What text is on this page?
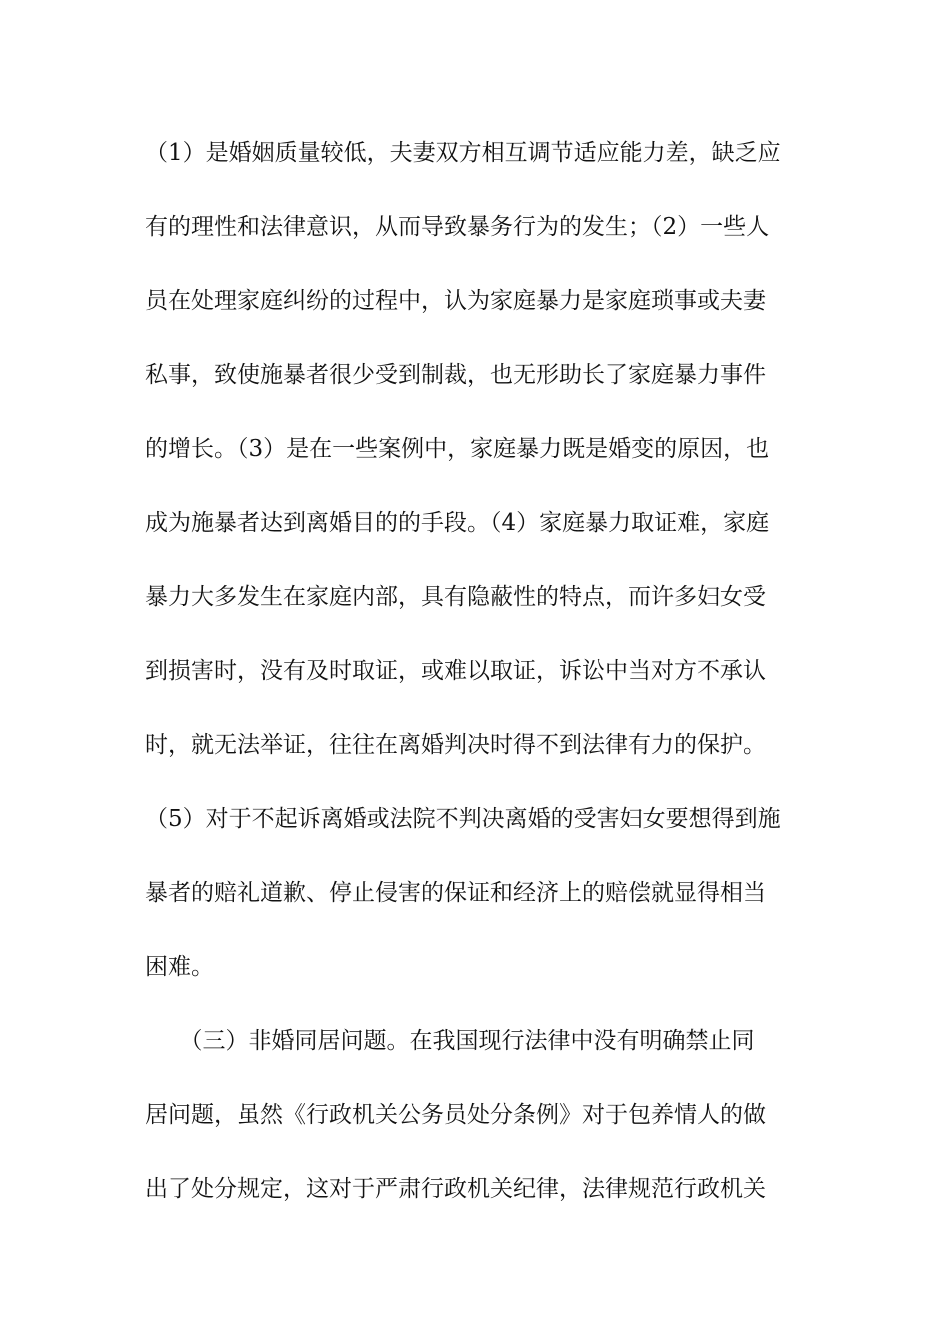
（1）是婚姻质量较低，夫妻双方相互调节适应能力差，缺乏应
有的理性和法律意识，从而导致暴务行为的发生；（2）一些人
员在处理家庭纠纷的过程中，认为家庭暴力是家庭琐事或夫妻
私事，致使施暴者很少受到制裁，也无形助长了家庭暴力事件
的增长。（3）是在一些案例中，家庭暴力既是婚变的原因，也
成为施暴者达到离婚目的的手段。（4）家庭暴力取证难，家庭
暴力大多发生在家庭内部，具有隐蔽性的特点，而许多妇女受
到损害时，没有及时取证，或难以取证，诉讼中当对方不承认
时，就无法举证，往往在离婚判决时得不到法律有力的保护。
（5）对于不起诉离婚或法院不判决离婚的受害妇女要想得到施
暴者的赔礼道歉、停止侵害的保证和经济上的赔偿就显得相当
困难。
　　（三）非婚同居问题。在我国现行法律中没有明确禁止同
居问题，虽然《行政机关公务员处分条例》对于包养情人的做
出了处分规定，这对于严肃行政机关纪律，法律规范行政机关
